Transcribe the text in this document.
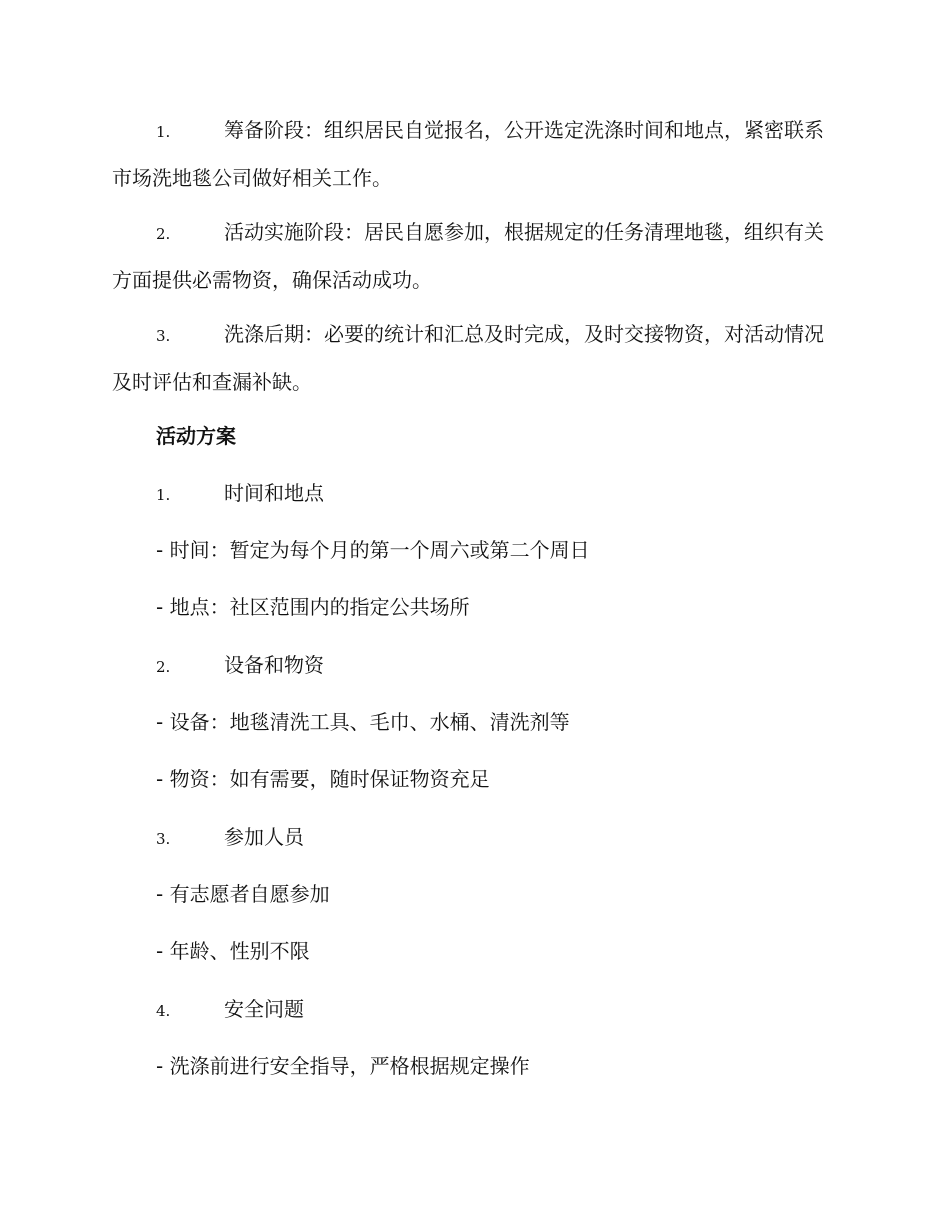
1.	筹备阶段：组织居民自觉报名，公开选定洗涤时间和地点，紧密联系市场洗地毯公司做好相关工作。
2.	活动实施阶段：居民自愿参加，根据规定的任务清理地毯，组织有关方面提供必需物资，确保活动成功。
3.	洗涤后期：必要的统计和汇总及时完成，及时交接物资，对活动情况及时评估和查漏补缺。
活动方案
1.	时间和地点
- 时间：暂定为每个月的第一个周六或第二个周日
- 地点：社区范围内的指定公共场所
2.	设备和物资
- 设备：地毯清洗工具、毛巾、水桶、清洗剂等
- 物资：如有需要，随时保证物资充足
3.	参加人员
- 有志愿者自愿参加
- 年龄、性别不限
4.	安全问题
- 洗涤前进行安全指导，严格根据规定操作
